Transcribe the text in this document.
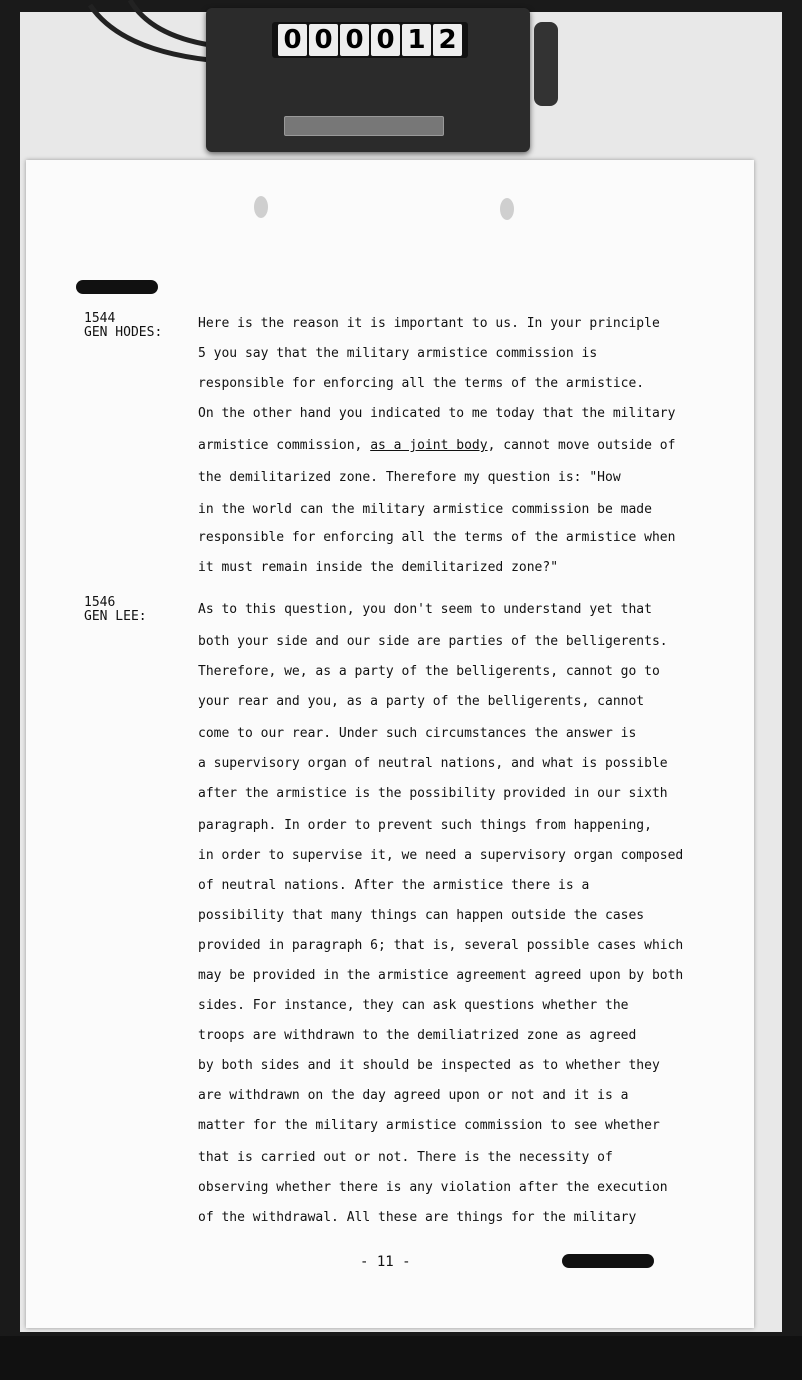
0 0 0 0 1 2
1544
GEN HODES:
Here is the reason it is important to us. In your principle
5 you say that the military armistice commission is
responsible for enforcing all the terms of the armistice.
On the other hand you indicated to me today that the military
armistice commission, as a joint body, cannot move outside of
the demilitarized zone. Therefore my question is: "How
in the world can the military armistice commission be made
responsible for enforcing all the terms of the armistice when
it must remain inside the demilitarized zone?"
1546
GEN LEE:	As to this question, you don't seem to understand yet that
both your side and our side are parties of the belligerents.
Therefore, we, as a party of the belligerents, cannot go to
your rear and you, as a party of the belligerents, cannot
come to our rear. Under such circumstances the answer is
a supervisory organ of neutral nations, and what is possible
after the armistice is the possibility provided in our sixth
paragraph. In order to prevent such things from happening,
in order to supervise it, we need a supervisory organ composed
of neutral nations. After the armistice there is a
possibility that many things can happen outside the cases
provided in paragraph 6; that is, several possible cases which
may be provided in the armistice agreement agreed upon by both
sides. For instance, they can ask questions whether the
troops are withdrawn to the demiliatrized zone as agreed
by both sides and it should be inspected as to whether they
are withdrawn on the day agreed upon or not and it is a
matter for the military armistice commission to see whether
that is carried out or not. There is the necessity of
observing whether there is any violation after the execution
of the withdrawal. All these are things for the military
- 11 -
